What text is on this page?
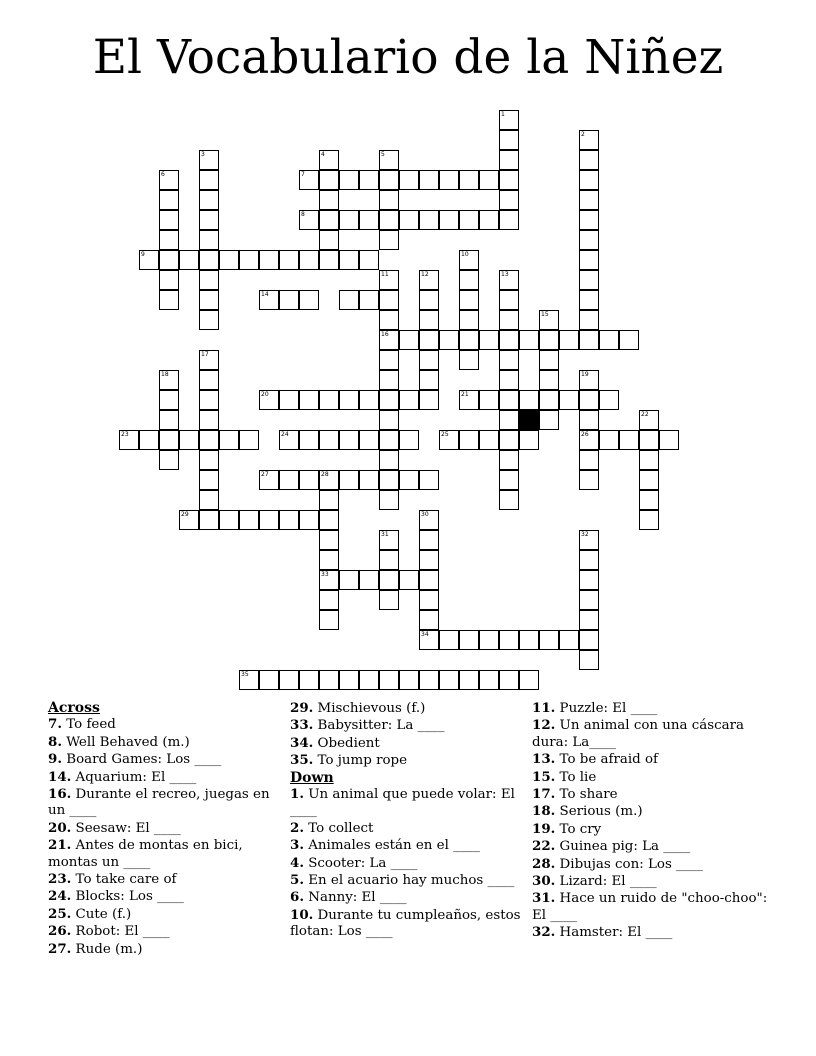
El Vocabulario de la Niñez
1
2
3	4	5
6	7
8
9	10
11
16
12	13
14
15
17
18	19
26
20	21
22
23	24	25
27	28
33
29	30
34
31	32
35
Across
7. To feed
8. Well Behaved (m.)
9. Board Games: Los ____
14. Aquarium: El ____
16. Durante el recreo, juegas en un ____
20. Seesaw: El ____
21. Antes de montas en bici, montas un ____
23. To take care of
24. Blocks: Los ____
25. Cute (f.)
26. Robot: El ____
27. Rude (m.)
29. Mischievous (f.)
33. Babysitter: La ____
34. Obedient
35. To jump rope
Down
1. Un animal que puede volar: El ____
2. To collect
3. Animales están en el ____
4. Scooter: La ____
5. En el acuario hay muchos ____
6. Nanny: El ____
10. Durante tu cumpleaños, estos flotan: Los ____
11. Puzzle: El ____
12. Un animal con una cáscara dura: La____
13. To be afraid of
15. To lie
17. To share
18. Serious (m.)
19. To cry
22. Guinea pig: La ____
28. Dibujas con: Los ____
30. Lizard: El ____
31. Hace un ruido de "choo-choo": El ____
32. Hamster: El ____
